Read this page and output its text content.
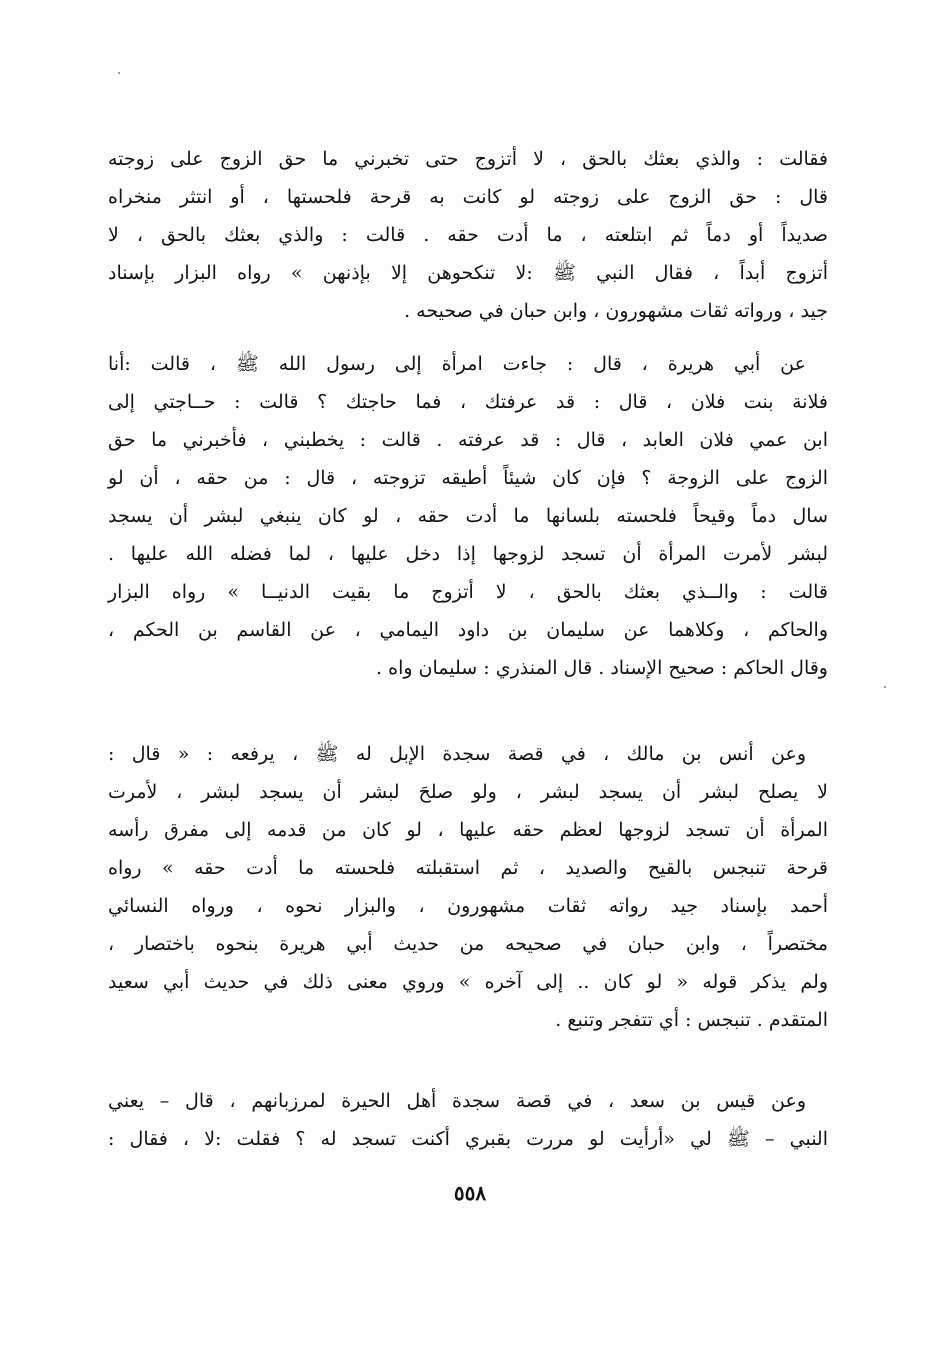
فقالت : والذي بعثك بالحق ، لا أتزوج حتى تخبرني ما حق الزوج على زوجته
قال : حق الزوج على زوجته لو كانت به قرحة فلحستها ، أو انتثر منخراه
صديداً أو دماً ثم ابتلعته ، ما أدت حقه . قالت : والذي بعثك بالحق ، لا
أتزوج أبداً ، فقال النبي ﷺ :لا تنكحوهن إلا بإذنهن » رواه البزار بإسناد
جيد ، ورواته ثقات مشهورون ، وابن حبان في صحيحه .
عن أبي هريرة ، قال : جاءت امرأة إلى رسول الله ﷺ ، قالت :أنا
فلانة بنت فلان ، قال : قد عرفتك ، فما حاجتك ؟ قالت : حــاجتي إلى
ابن عمي فلان العابد ، قال : قد عرفته . قالت : يخطبني ، فأخبرني ما حق
الزوج على الزوجة ؟ فإن كان شيئاً أطيقه تزوجته ، قال : من حقه ، أن لو
سال دماً وقيحاً فلحسته بلسانها ما أدت حقه ، لو كان ينبغي لبشر أن يسجد
لبشر لأمرت المرأة أن تسجد لزوجها إذا دخل عليها ، لما فضله الله عليها .
قالت : والــذي بعثك بالحق ، لا أتزوج ما بقيت الدنيــا » رواه البزار
والحاكم ، وكلاهما عن سليمان بن داود اليمامي ، عن القاسم بن الحكم ،
وقال الحاكم : صحيح الإسناد . قال المنذري : سليمان واه .
وعن أنس بن مالك ، في قصة سجدة الإبل له ﷺ ، يرفعه : « قال :
لا يصلح لبشر أن يسجد لبشر ، ولو صلحَ لبشر أن يسجد لبشر ، لأمرت
المرأة أن تسجد لزوجها لعظم حقه عليها ، لو كان من قدمه إلى مفرق رأسه
قرحة تنبجس بالقيح والصديد ، ثم استقبلته فلحسته ما أدت حقه » رواه
أحمد بإسناد جيد رواته ثقات مشهورون ، والبزار نحوه ، ورواه النسائي
مختصراً ، وابن حبان في صحيحه من حديث أبي هريرة بنحوه باختصار ،
ولم يذكر قوله « لو كان .. إلى آخره » وروي معنى ذلك في حديث أبي سعيد
المتقدم . تنبجس : أي تتفجر وتنبع .
وعن قيس بن سعد ، في قصة سجدة أهل الحيرة لمرزبانهم ، قال – يعني
النبي – ﷺ لي «أرأيت لو مررت بقبري أكنت تسجد له ؟ فقلت :لا ، فقال :
٥٥٨
